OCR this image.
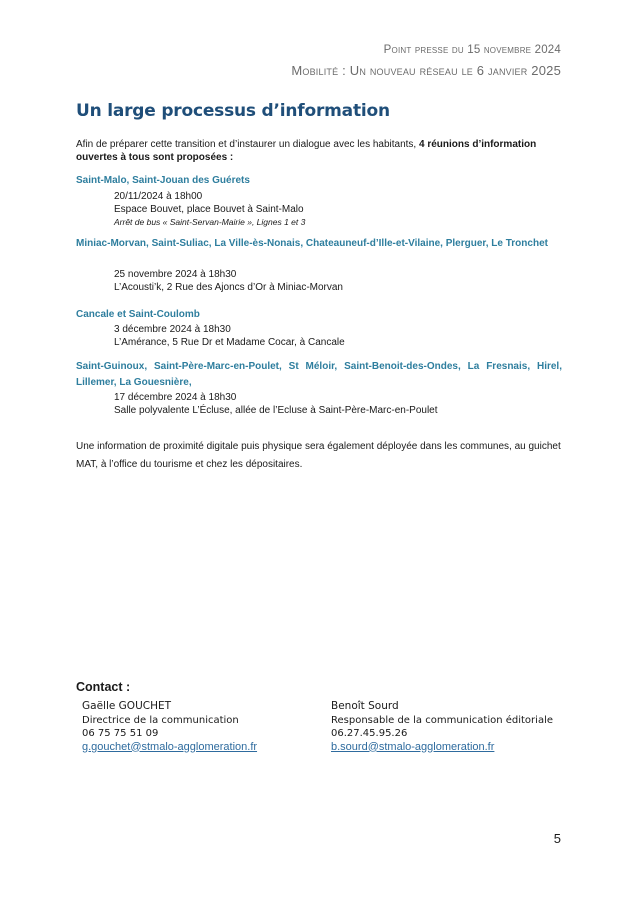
Point presse du 15 novembre 2024
Mobilité : Un nouveau réseau le 6 janvier 2025
Un large processus d’information
Afin de préparer cette transition et d’instaurer un dialogue avec les habitants, 4 réunions d’information ouvertes à tous sont proposées :
Saint-Malo, Saint-Jouan des Guérets
20/11/2024 à 18h00
Espace Bouvet, place Bouvet à Saint-Malo
Arrêt de bus « Saint-Servan-Mairie », Lignes 1 et 3
Miniac-Morvan, Saint-Suliac, La Ville-ès-Nonais, Chateauneuf-d’Ille-et-Vilaine, Plerguer, Le Tronchet
25 novembre 2024 à 18h30
L’Acousti’k, 2 Rue des Ajoncs d’Or à Miniac-Morvan
Cancale et Saint-Coulomb
3 décembre 2024 à 18h30
L’Amérance, 5 Rue Dr et Madame Cocar, à Cancale
Saint-Guinoux, Saint-Père-Marc-en-Poulet, St Méloir, Saint-Benoit-des-Ondes, La Fresnais, Hirel, Lillemer, La Gouesnière,
17 décembre 2024 à 18h30
Salle polyvalente L’Écluse, allée de l’Ecluse à Saint-Père-Marc-en-Poulet
Une information de proximité digitale puis physique sera également déployée dans les communes, au guichet MAT, à l’office du tourisme et chez les dépositaires.
Contact :
Gaëlle GOUCHET
Directrice de la communication
06 75 75 51 09
g.gouchet@stmalo-agglomeration.fr
Benoît Sourd
Responsable de la communication éditoriale
06.27.45.95.26
b.sourd@stmalo-agglomeration.fr
5
